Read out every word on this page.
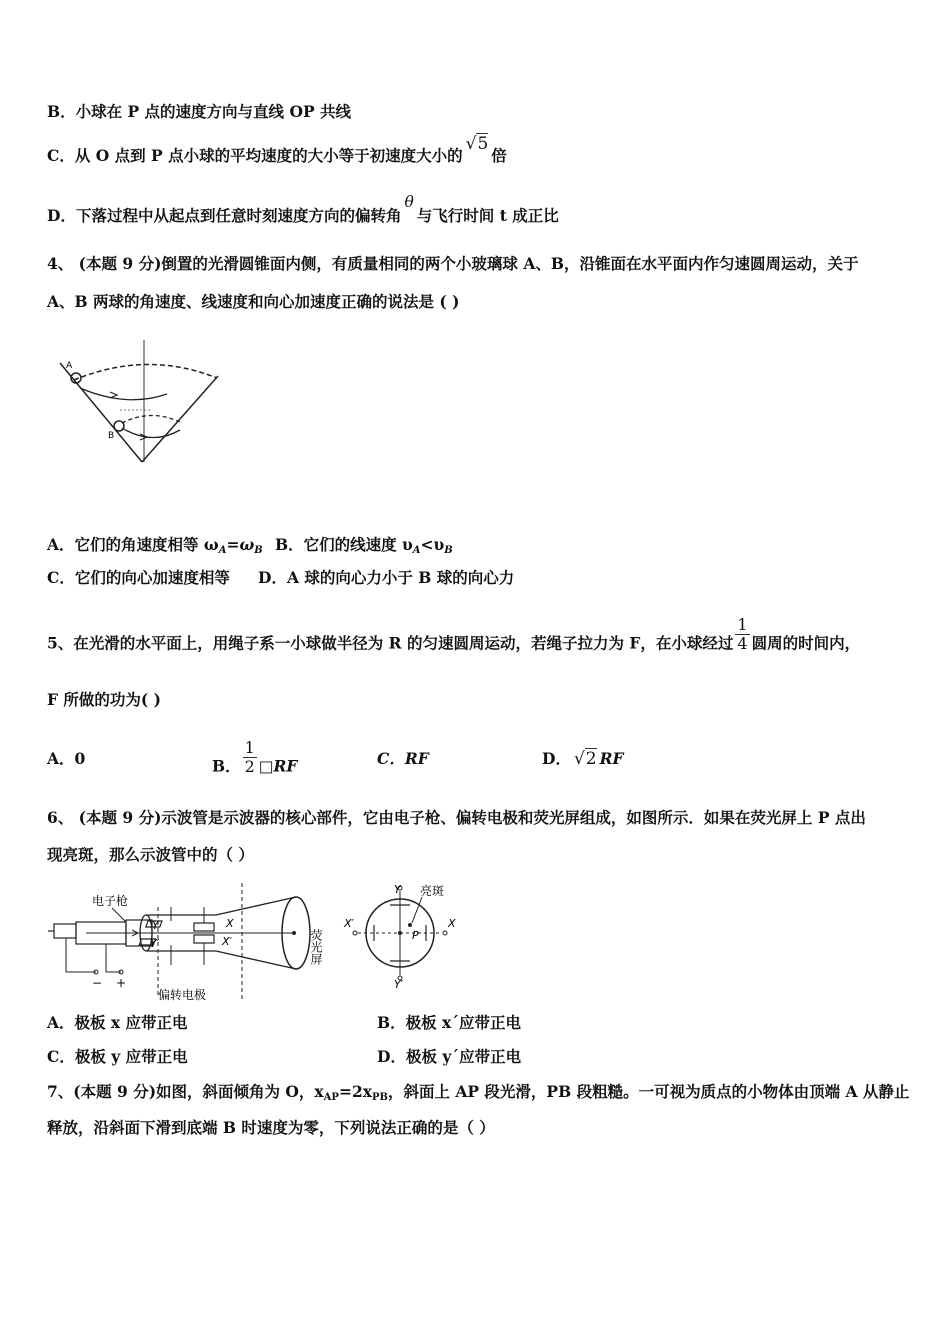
B．小球在 P 点的速度方向与直线 OP 共线
C．从 O 点到 P 点小球的平均速度的大小等于初速度大小的√5倍
D．下落过程中从起点到任意时刻速度方向的偏转角θ与飞行时间 t 成正比
4、 (本题 9 分)倒置的光滑圆锥面内侧，有质量相同的两个小玻璃球 A、B，沿锥面在水平面内作匀速圆周运动，关于
A、B 两球的角速度、线速度和向心加速度正确的说法是 ( )
A
B
A．它们的角速度相等 $\omega_A=\omega_B$ B．它们的线速度 $\upsilon_A<\upsilon_B$
C．它们的向心加速度相等 D．A 球的向心力小于 B 球的向心力
5、在光滑的水平面上，用绳子系一小球做半径为 R 的匀速圆周运动，若绳子拉力为 F，在小球经过 $\frac{1}{4}$ 圆周的时间内，
F 所做的功为( )
A．0	B． $\frac{1}{2}$ □RF	C．RF	D． √2 RF
6、 (本题 9 分)示波管是示波器的核心部件，它由电子枪、偏转电极和荧光屏组成，如图所示．如果在荧光屏上 P 点出
现亮斑，那么示波管中的（ ）
电子枪
Y
Y′
X
X′
− +
偏转电极
荧光屏
亮斑
Y
Y′
X′	X
P
A．极板 x 应带正电	B．极板 x´应带正电
C．极板 y 应带正电	D．极板 y´应带正电
7、(本题 9 分)如图，斜面倾角为 O，$x_{AP}=2x_{PB}$，斜面上 AP 段光滑，PB 段粗糙。一可视为质点的小物体由顶端 A 从静止
释放，沿斜面下滑到底端 B 时速度为零，下列说法正确的是（ ）
